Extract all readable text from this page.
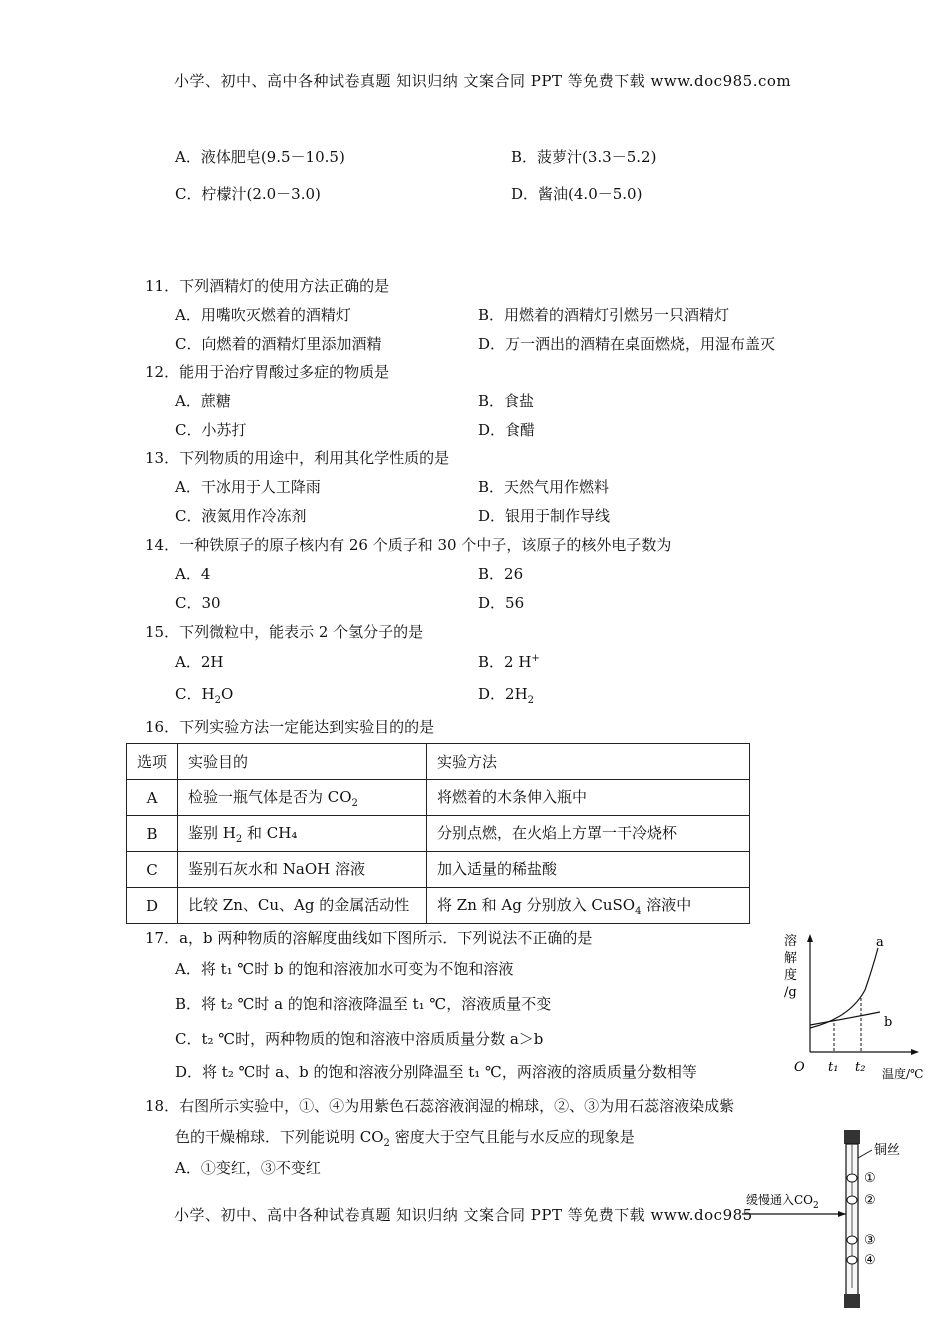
小学、初中、高中各种试卷真题 知识归纳 文案合同 PPT 等免费下载 www.doc985.com
A．液体肥皂(9.5－10.5)	B．菠萝汁(3.3－5.2)
C．柠檬汁(2.0－3.0)	D．酱油(4.0－5.0)
11．下列酒精灯的使用方法正确的是
A．用嘴吹灭燃着的酒精灯	B．用燃着的酒精灯引燃另一只酒精灯
C．向燃着的酒精灯里添加酒精	D．万一洒出的酒精在桌面燃烧，用湿布盖灭
12．能用于治疗胃酸过多症的物质是
A．蔗糖	B．食盐
C．小苏打	D．食醋
13．下列物质的用途中，利用其化学性质的是
A．干冰用于人工降雨	B．天然气用作燃料
C．液氮用作冷冻剂	D．银用于制作导线
14．一种铁原子的原子核内有 26 个质子和 30 个中子，该原子的核外电子数为
A．4	B．26
C．30	D．56
15．下列微粒中，能表示 2 个氢分子的是
A．2H	B．2 H+
C．$H_2O$	D．$2H_2$
16．下列实验方法一定能达到实验目的的是
选项	实验目的	实验方法
A	检验一瓶气体是否为 $CO_2$	将燃着的木条伸入瓶中
B	鉴别 $H_2$ 和 CH₄	分别点燃，在火焰上方罩一干冷烧杯
C	鉴别石灰水和 NaOH 溶液	加入适量的稀盐酸
D	比较 Zn、Cu、Ag 的金属活动性	将 Zn 和 Ag 分别放入 CuSO$_4$ 溶液中
17．a，b 两种物质的溶解度曲线如下图所示．下列说法不正确的是
A．将 t₁ ℃时 b 的饱和溶液加水可变为不饱和溶液
B．将 t₂ ℃时 a 的饱和溶液降温至 t₁ ℃，溶液质量不变
C．t₂ ℃时，两种物质的饱和溶液中溶质质量分数 a＞b
D．将 t₂ ℃时 a、b 的饱和溶液分别降温至 t₁ ℃，两溶液的溶质质量分数相等
溶
解
度
/g
a
b
O t₁ t₂ 温度/℃
18．右图所示实验中，①、④为用紫色石蕊溶液润湿的棉球，②、③为用石蕊溶液染成紫
色的干燥棉球．下列能说明 $CO_2$ 密度大于空气且能与水反应的现象是
A．①变红，③不变红
铜丝
①
②
③
④
缓慢通入$CO_2$
小学、初中、高中各种试卷真题 知识归纳 文案合同 PPT 等免费下载 www.doc985
